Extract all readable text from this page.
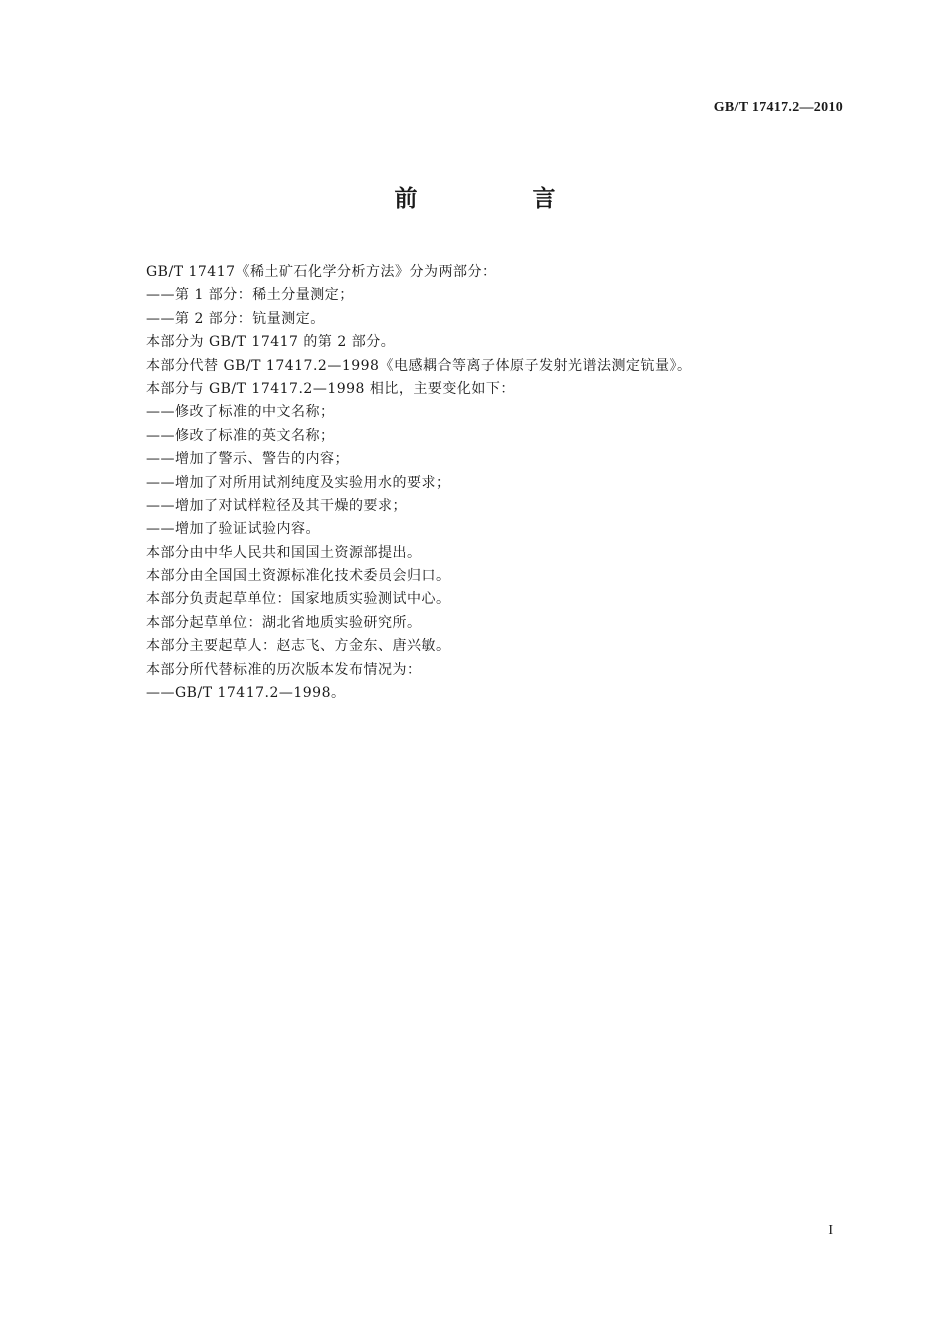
GB/T 17417.2—2010

前　言
GB/T 17417《稀土矿石化学分析方法》分为两部分：
——第 1 部分：稀土分量测定；
——第 2 部分：钪量测定。
本部分为 GB/T 17417 的第 2 部分。
本部分代替 GB/T 17417.2—1998《电感耦合等离子体原子发射光谱法测定钪量》。
本部分与 GB/T 17417.2—1998 相比，主要变化如下：
——修改了标准的中文名称；
——修改了标准的英文名称；
——增加了警示、警告的内容；
——增加了对所用试剂纯度及实验用水的要求；
——增加了对试样粒径及其干燥的要求；
——增加了验证试验内容。
本部分由中华人民共和国国土资源部提出。
本部分由全国国土资源标准化技术委员会归口。
本部分负责起草单位：国家地质实验测试中心。
本部分起草单位：湖北省地质实验研究所。
本部分主要起草人：赵志飞、方金东、唐兴敏。
本部分所代替标准的历次版本发布情况为：
——GB/T 17417.2—1998。

I
